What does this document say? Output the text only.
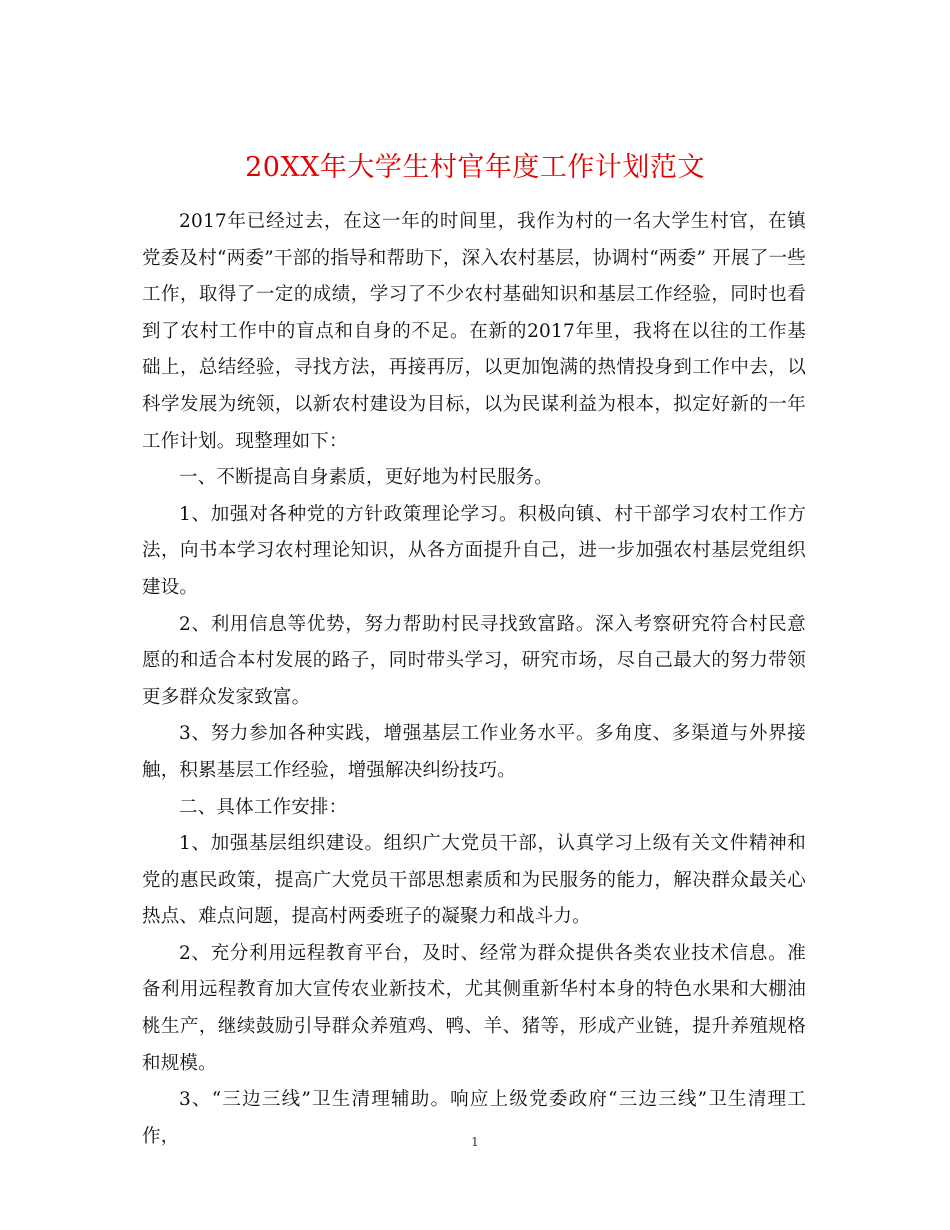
20XX年大学生村官年度工作计划范文

2017年已经过去，在这一年的时间里，我作为村的一名大学生村官，在镇党委及村“两委”干部的指导和帮助下，深入农村基层，协调村“两委” 开展了一些工作，取得了一定的成绩，学习了不少农村基础知识和基层工作经验，同时也看到了农村工作中的盲点和自身的不足。在新的2017年里，我将在以往的工作基础上，总结经验，寻找方法，再接再厉，以更加饱满的热情投身到工作中去，以科学发展为统领，以新农村建设为目标，以为民谋利益为根本，拟定好新的一年工作计划。现整理如下：

一、不断提高自身素质，更好地为村民服务。

1、加强对各种党的方针政策理论学习。积极向镇、村干部学习农村工作方法，向书本学习农村理论知识，从各方面提升自己，进一步加强农村基层党组织建设。

2、利用信息等优势，努力帮助村民寻找致富路。深入考察研究符合村民意愿的和适合本村发展的路子，同时带头学习，研究市场，尽自己最大的努力带领更多群众发家致富。

3、努力参加各种实践，增强基层工作业务水平。多角度、多渠道与外界接触，积累基层工作经验，增强解决纠纷技巧。

二、具体工作安排：

1、加强基层组织建设。组织广大党员干部，认真学习上级有关文件精神和党的惠民政策，提高广大党员干部思想素质和为民服务的能力，解决群众最关心热点、难点问题，提高村两委班子的凝聚力和战斗力。

2、充分利用远程教育平台，及时、经常为群众提供各类农业技术信息。准备利用远程教育加大宣传农业新技术，尤其侧重新华村本身的特色水果和大棚油桃生产，继续鼓励引导群众养殖鸡、鸭、羊、猪等，形成产业链，提升养殖规格和规模。

3、“三边三线”卫生清理辅助。响应上级党委政府“三边三线”卫生清理工作，	1
